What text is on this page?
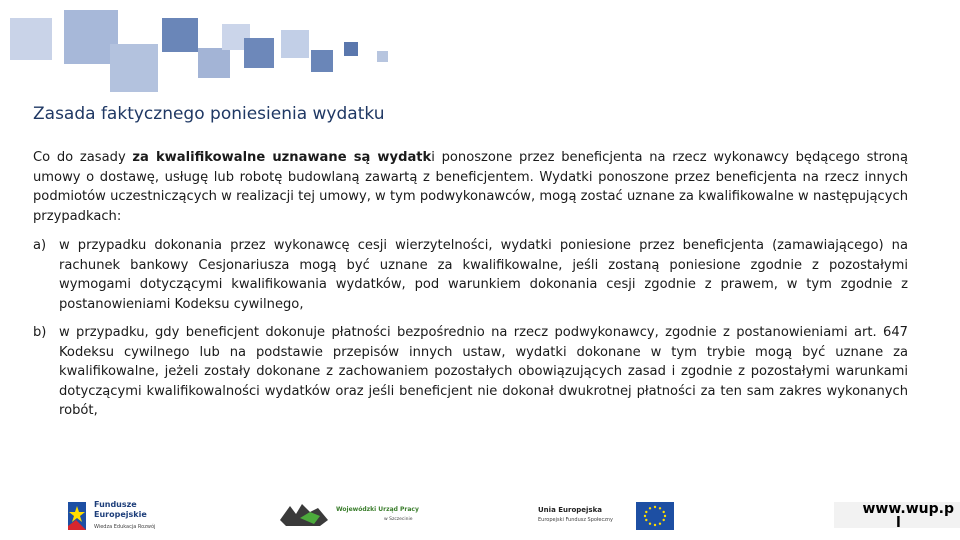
Zasada faktycznego poniesienia wydatku
Co do zasady za kwalifikowalne uznawane są wydatki ponoszone przez beneficjenta na rzecz wykonawcy będącego stroną umowy o dostawę, usługę lub robotę budowlaną zawartą z beneficjentem. Wydatki ponoszone przez beneficjenta na rzecz innych podmiotów uczestniczących w realizacji tej umowy, w tym podwykonawców, mogą zostać uznane za kwalifikowalne w następujących przypadkach:
a) w przypadku dokonania przez wykonawcę cesji wierzytelności, wydatki poniesione przez beneficjenta (zamawiającego) na rachunek bankowy Cesjonariusza mogą być uznane za kwalifikowalne, jeśli zostaną poniesione zgodnie z pozostałymi wymogami dotyczącymi kwalifikowania wydatków, pod warunkiem dokonania cesji zgodnie z prawem, w tym zgodnie z postanowieniami Kodeksu cywilnego,
b) w przypadku, gdy beneficjent dokonuje płatności bezpośrednio na rzecz podwykonawcy, zgodnie z postanowieniami art. 647 Kodeksu cywilnego lub na podstawie przepisów innych ustaw, wydatki dokonane w tym trybie mogą być uznane za kwalifikowalne, jeżeli zostały dokonane z zachowaniem pozostałych obowiązujących zasad i zgodnie z pozostałymi warunkami dotyczącymi kwalifikowalności wydatków oraz jeśli beneficjent nie dokonał dwukrotnej płatności za ten sam zakres wykonanych robót,
Fundusze
Europejskie
Wiedza Edukacja Rozwój
Wojewódzki Urząd Pracy
w Szczecinie
Unia Europejska
Europejski Fundusz Społeczny
www.wup.p
l
